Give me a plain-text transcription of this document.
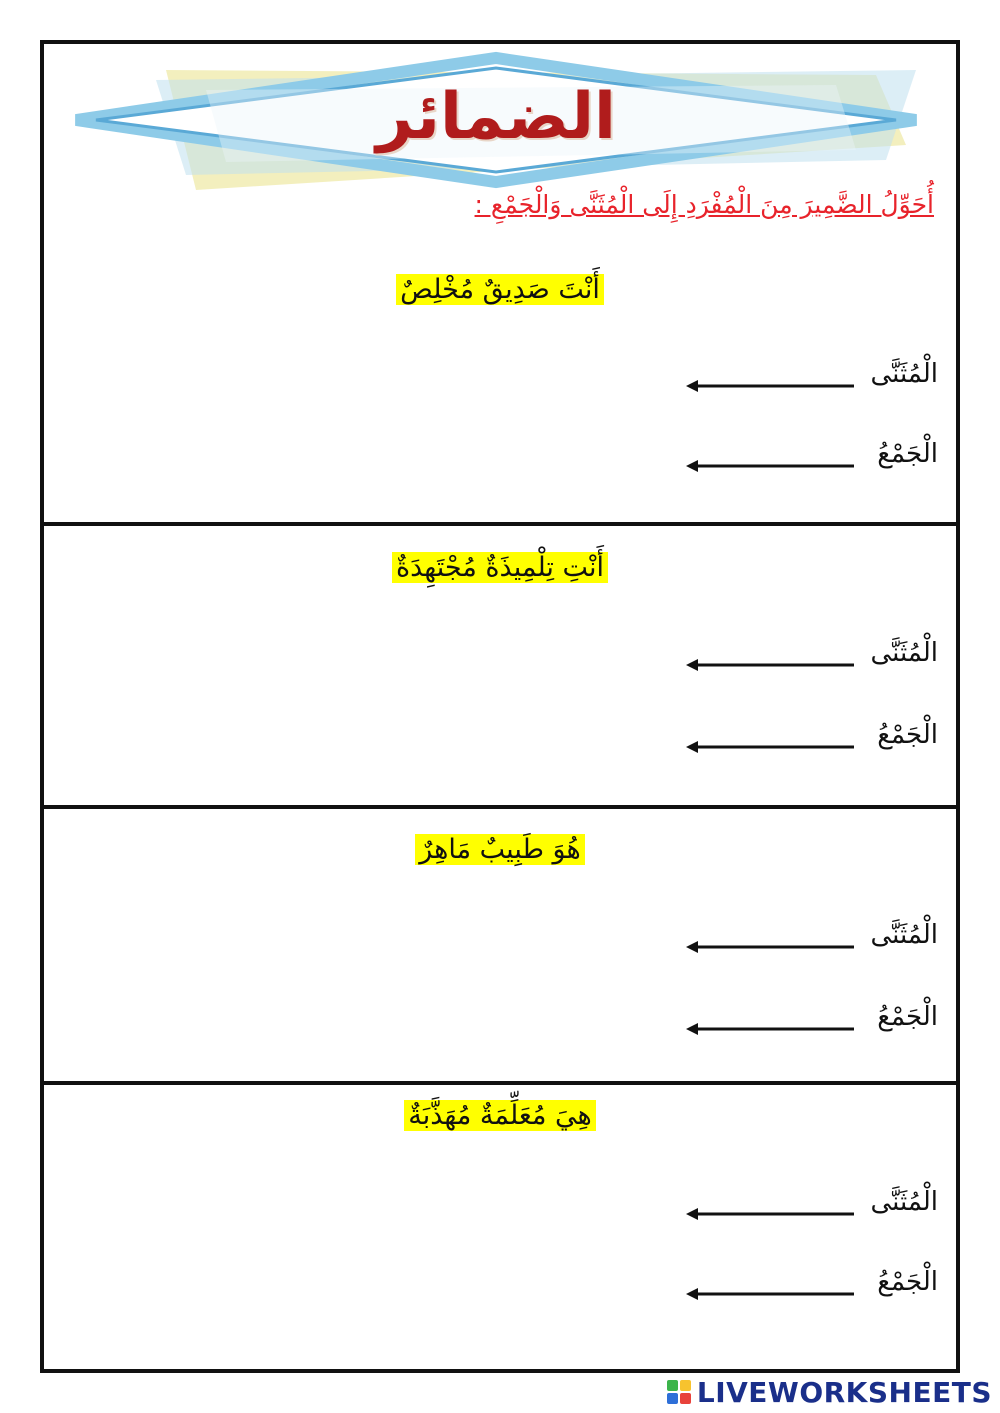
الضمائر
أُحَوِّلُ الضَّمِيرَ مِنَ الْمُفْرَدِ إِلَى الْمُثَنَّى وَالْجَمْعِ :
أَنْتَ صَدِيقٌ مُخْلِصٌ
الْمُثَنَّى
الْجَمْعُ
أَنْتِ تِلْمِيذَةٌ مُجْتَهِدَةٌ
الْمُثَنَّى
الْجَمْعُ
هُوَ طَبِيبٌ مَاهِرٌ
الْمُثَنَّى
الْجَمْعُ
هِيَ مُعَلِّمَةٌ مُهَذَّبَةٌ
الْمُثَنَّى
الْجَمْعُ
LIVEWORKSHEETS
